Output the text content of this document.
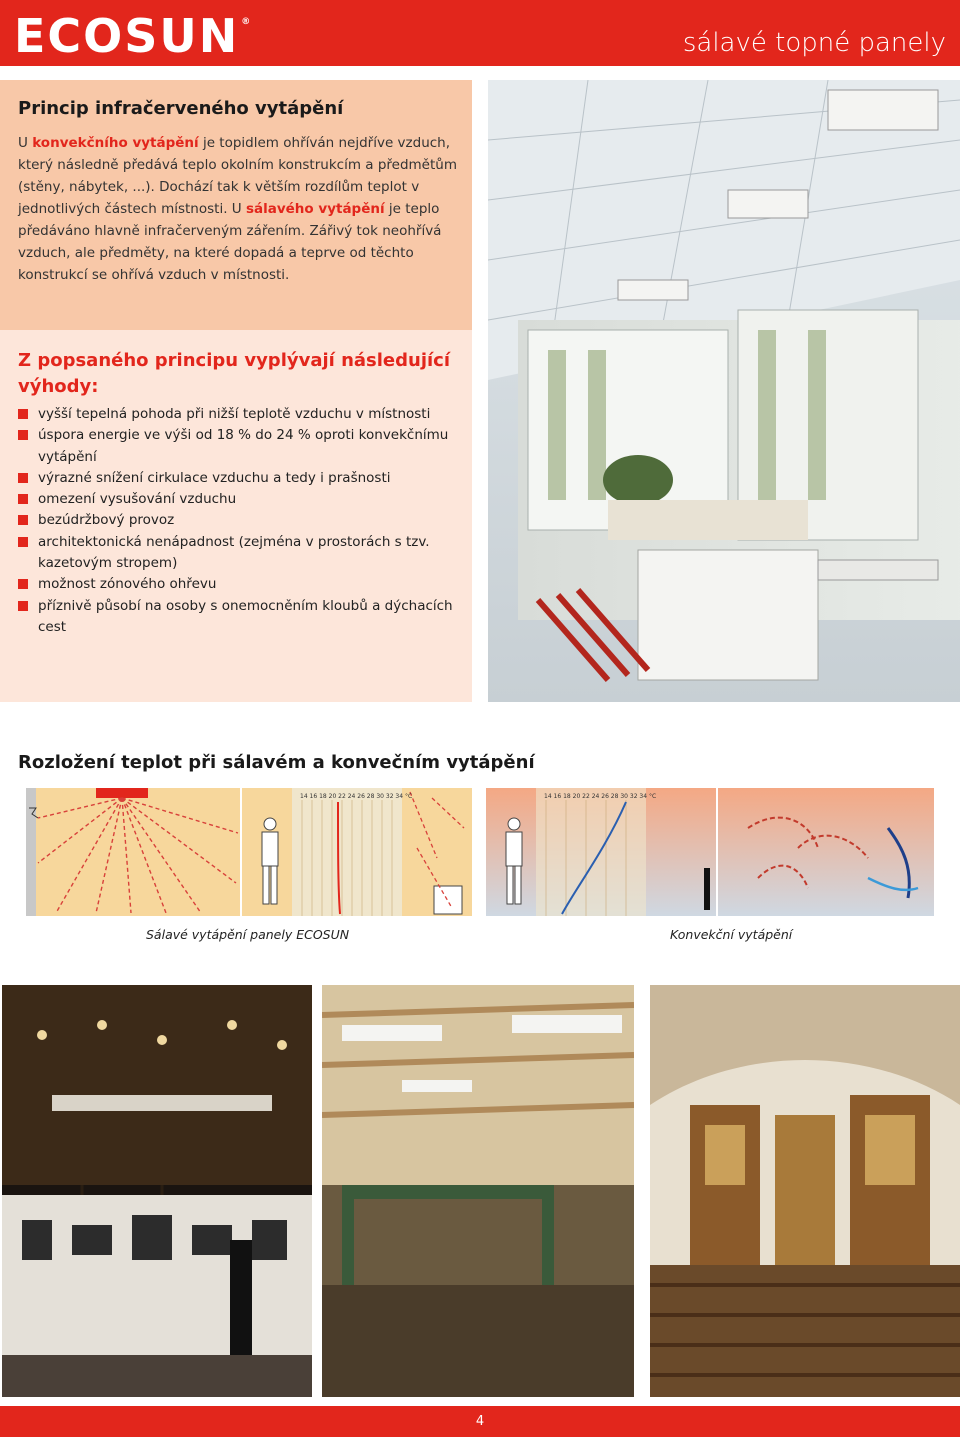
ECOSUN ®
sálavé topné panely
Princip infračerveného vytápění

U konvekčního vytápění je topidlem ohříván nejdříve vzduch, který následně předává teplo okolním konstrukcím a předmětům (stěny, nábytek, ...). Dochází tak k větším rozdílům teplot v jednotlivých částech místnosti. U sálavého vytápění je teplo předáváno hlavně infračerveným zářením. Zářivý tok neohřívá vzduch, ale předměty, na které dopadá a teprve od těchto konstrukcí se ohřívá vzduch v místnosti.

Z popsaného principu vyplývají následující výhody:
vyšší tepelná pohoda při nižší teplotě vzduchu v místnosti
úspora energie ve výši od 18 % do 24 % oproti konvekčnímu vytápění
výrazné snížení cirkulace vzduchu a tedy i prašnosti
omezení vysušování vzduchu
bezúdržbový provoz
architektonická nenápadnost (zejména v prostorách s tzv. kazetovým stropem)
možnost zónového ohřevu
příznivě působí na osoby s onemocněním kloubů a dýchacích cest
Rozložení teplot při sálavém a konvečním vytápění
14 16 18 20 22 24 26 28 30 32 34 °C	14 16 18 20 22 24 26 28 30 32 34 °C
Sálavé vytápění panely ECOSUN	Konvekční vytápění
4
